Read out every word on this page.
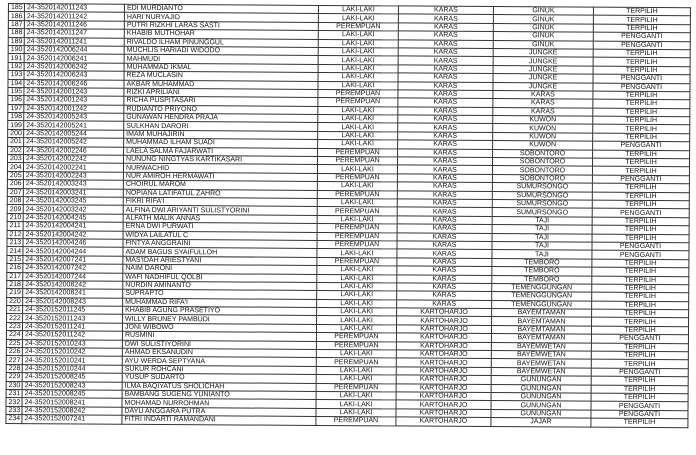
185	24-3520142011243	EDI MURDIANTO	LAKI-LAKI	KARAS	GINUK	TERPILIH
186	24-3520142011242	HARI NURYAJID	LAKI-LAKI	KARAS	GINUK	TERPILIH
187	24-3520142011246	PUTRI RIZKHI LARAS SASTI	PEREMPUAN	KARAS	GINUK	TERPILIH
188	24-3520142011247	KHABIB MUTHOHAR	LAKI-LAKI	KARAS	GINUK	PENGGANTI
189	24-3520142011241	RIVALDO ILHAM PINUNGGUL	LAKI-LAKI	KARAS	GINUK	PENGGANTI
190	24-3520142006244	MUCHLIS HARIADI WIDODO	LAKI-LAKI	KARAS	JUNGKE	TERPILIH
191	24-3520142006241	MAHMUDI	LAKI-LAKI	KARAS	JUNGKE	TERPILIH
192	24-3520142006242	MUHAMMAD IKMAL	LAKI-LAKI	KARAS	JUNGKE	TERPILIH
193	24-3520142006243	REZA MUCLASIN	LAKI-LAKI	KARAS	JUNGKE	PENGGANTI
194	24-3520142006246	AKBAR MUHAMMAD	LAKI-LAKI	KARAS	JUNGKE	PENGGANTI
195	24-3520142001243	RIZKI APRILIANI	PEREMPUAN	KARAS	KARAS	TERPILIH
196	24-3520142001243	RICHA PUSPITASARI	PEREMPUAN	KARAS	KARAS	TERPILIH
197	24-3520142001242	RUDIANTO PRIYONO	LAKI-LAKI	KARAS	KARAS	TERPILIH
198	24-3520142005243	GUNAWAN HENDRA PRAJA	LAKI-LAKI	KARAS	KUWON	TERPILIH
199	24-3520142005241	SULKHAN DARORI	LAKI-LAKI	KARAS	KUWON	TERPILIH
200	24-3520142005244	IMAM MUHAJIRIN	LAKI-LAKI	KARAS	KUWON	TERPILIH
201	24-3520142005242	MUHAMMAD ILHAM SUADI	LAKI-LAKI	KARAS	KUWON	PENGGANTI
202	24-3520142002246	LAELA SALMA FAJARWATI	PEREMPUAN	KARAS	SOBONTORO	TERPILIH
203	24-3520142002242	NUNUNG NINGTYAS KARTIKASARI	PEREMPUAN	KARAS	SOBONTORO	TERPILIH
204	24-3520142002241	NURWACHID	LAKI-LAKI	KARAS	SOBONTORO	TERPILIH
205	24-3520142002243	NUR AMIROH HERMAWATI	PEREMPUAN	KARAS	SOBONTORO	PENGGANTI
206	24-3520142003243	CHOIRUL MAROM	LAKI-LAKI	KARAS	SUMURSONGO	TERPILIH
207	24-3520142003241	NOPIANA LATIFATUL ZAHRO	PEREMPUAN	KARAS	SUMURSONGO	TERPILIH
208	24-3520142003245	FIKRI RIFA'I	LAKI-LAKI	KARAS	SUMURSONGO	TERPILIH
209	24-3520142003242	ALFINA DWI ARIYANTI SULISTYORINI	PEREMPUAN	KARAS	SUMURSONGO	PENGGANTI
210	24-3520142004245	ALFATH MALIK ANNAS	LAKI-LAKI	KARAS	TAJI	TERPILIH
211	24-3520142004241	ERNA DWI PURWATI	PEREMPUAN	KARAS	TAJI	TERPILIH
212	24-3520142004242	WIDYA LAILATUL C	PEREMPUAN	KARAS	TAJI	TERPILIH
213	24-3520142004246	FINTYA ANGGRAINI	PEREMPUAN	KARAS	TAJI	PENGGANTI
214	24-3520142004244	ADAM BAGUS SYAIFULLOH	LAKI-LAKI	KARAS	TAJI	PENGGANTI
215	24-3520142007241	MAS'IDAH ARIESTYANI	PEREMPUAN	KARAS	TEMBORO	TERPILIH
216	24-3520142007242	NAIM DARONI	LAKI-LAKI	KARAS	TEMBORO	TERPILIH
217	24-3520142007244	WAFI NADHIFUL QOLBI	LAKI-LAKI	KARAS	TEMBORO	TERPILIH
218	24-3520142008242	NURDIN AMINANTO	LAKI-LAKI	KARAS	TEMENGGUNGAN	TERPILIH
219	24-3520142008241	SUPRAPTO	LAKI-LAKI	KARAS	TEMENGGUNGAN	TERPILIH
220	24-3520142008243	MUHAMMAD RIFA'I	LAKI-LAKI	KARAS	TEMENGGUNGAN	TERPILIH
221	24-3520152011245	KHABIB AGUNG PRASETIYO	LAKI-LAKI	KARTOHARJO	BAYEMTAMAN	TERPILIH
222	24-3520152011243	WILLY BRUNEY PAMBUDI	LAKI-LAKI	KARTOHARJO	BAYEMTAMAN	TERPILIH
223	24-3520152011241	JONI WIBOWO	LAKI-LAKI	KARTOHARJO	BAYEMTAMAN	TERPILIH
224	24-3520152011242	RUSMINI	PEREMPUAN	KARTOHARJO	BAYEMTAMAN	PENGGANTI
225	24-3520152010243	DWI SULISTIYORINI	PEREMPUAN	KARTOHARJO	BAYEMWETAN	TERPILIH
226	24-3520152010242	AHMAD EKSANUDIN	LAKI-LAKI	KARTOHARJO	BAYEMWETAN	TERPILIH
227	24-3520152010241	AYU WERDA SEPTYANA	PEREMPUAN	KARTOHARJO	BAYEMWETAN	TERPILIH
228	24-3520152010244	SUKUR ROHCANI	LAKI-LAKI	KARTOHARJO	BAYEMWETAN	PENGGANTI
229	24-3520152008245	YUSUP SUDARTO	LAKI-LAKI	KARTOHARJO	GUNUNGAN	TERPILIH
230	24-3520152008243	ILMA BAQIYATUS SHOLICHAH	PEREMPUAN	KARTOHARJO	GUNUNGAN	TERPILIH
231	24-3520152008245	BAMBANG SUGENG YUNIANTO	LAKI-LAKI	KARTOHARJO	GUNUNGAN	TERPILIH
232	24-3520152008241	MOHAMAD NURROHMAN	LAKI-LAKI	KARTOHARJO	GUNUNGAN	PENGGANTI
233	24-3520152008242	DAYU ANGGARA PUTRA	LAKI-LAKI	KARTOHARJO	GUNUNGAN	PENGGANTI
234	24-3520152007241	FITRI INDARTI RAMANDANI	PEREMPUAN	KARTOHARJO	JAJAR	TERPILIH
